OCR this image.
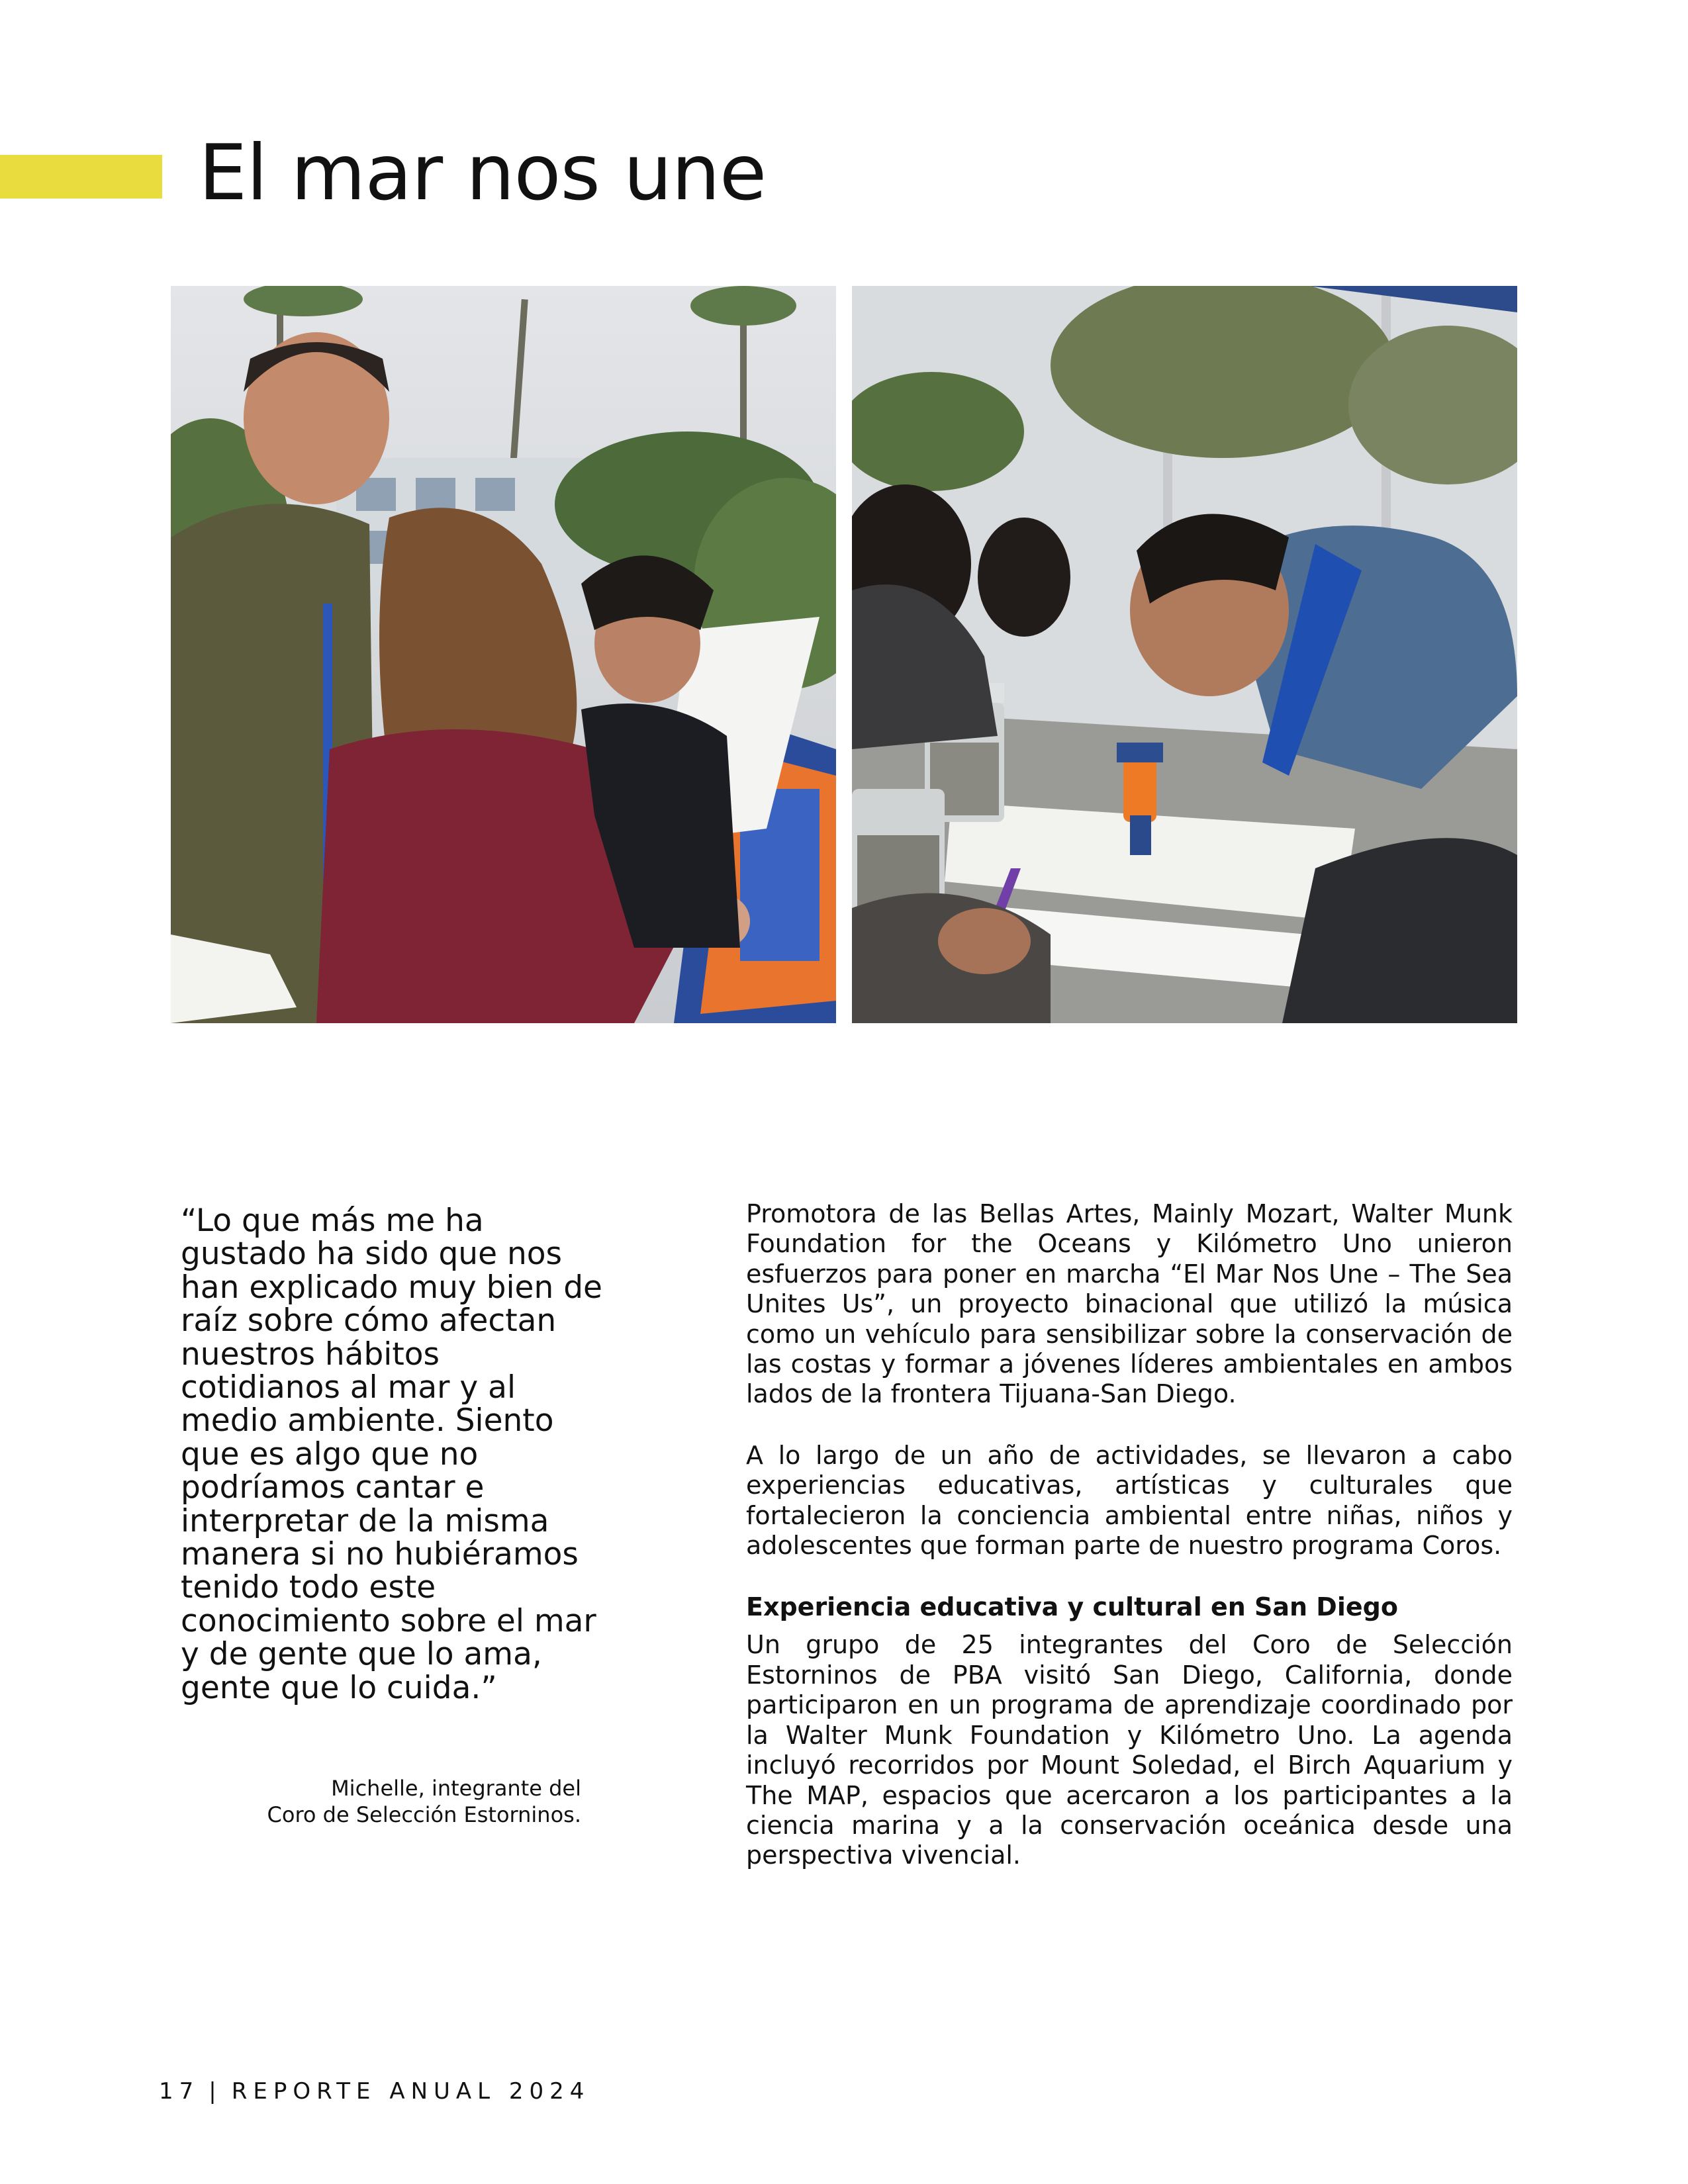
El mar nos une

“Lo que más me ha gustado ha sido que nos han explicado muy bien de raíz sobre cómo afectan nuestros hábitos cotidianos al mar y al medio ambiente. Siento que es algo que no podríamos cantar e interpretar de la misma manera si no hubiéramos tenido todo este conocimiento sobre el mar y de gente que lo ama, gente que lo cuida.”

Michelle, integrante del
Coro de Selección Estorninos.

Promotora de las Bellas Artes, Mainly Mozart, Walter Munk Foundation for the Oceans y Kilómetro Uno unieron esfuerzos para poner en marcha “El Mar Nos Une – The Sea Unites Us”, un proyecto binacional que utilizó la música como un vehículo para sensibilizar sobre la conservación de las costas y formar a jóvenes líderes ambientales en ambos lados de la frontera Tijuana-San Diego.

A lo largo de un año de actividades, se llevaron a cabo experiencias educativas, artísticas y culturales que fortalecieron la conciencia ambiental entre niñas, niños y adolescentes que forman parte de nuestro programa Coros.

Experiencia educativa y cultural en San Diego

Un grupo de 25 integrantes del Coro de Selección Estorninos de PBA visitó San Diego, California, donde participaron en un programa de aprendizaje coordinado por la Walter Munk Foundation y Kilómetro Uno. La agenda incluyó recorridos por Mount Soledad, el Birch Aquarium y The MAP, espacios que acercaron a los participantes a la ciencia marina y a la conservación oceánica desde una perspectiva vivencial.

17 | REPORTE ANUAL 2024
